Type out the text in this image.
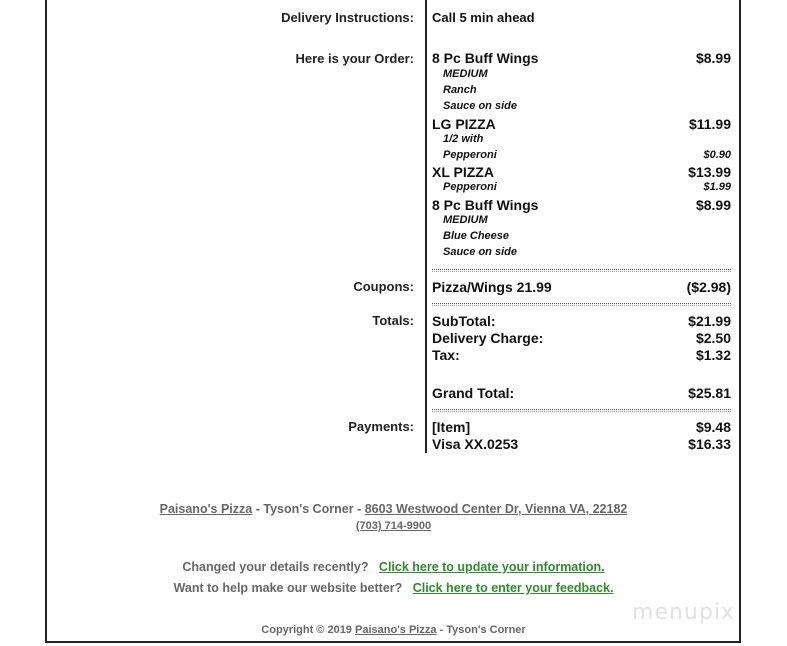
Delivery Instructions: Call 5 min ahead
Here is your Order: 8 Pc Buff Wings	$8.99
MEDIUM
Ranch
Sauce on side
LG PIZZA	$11.99
1/2 with
Pepperoni	$0.90
XL PIZZA	$13.99
Pepperoni	$1.99
8 Pc Buff Wings	$8.99
MEDIUM
Blue Cheese
Sauce on side
Coupons: Pizza/Wings 21.99	($2.98)
Totals: SubTotal:	$21.99
Delivery Charge:	$2.50
Tax:	$1.32
Grand Total:	$25.81
Payments: [Item]	$9.48
Visa XX.0253	$16.33
Paisano's Pizza - Tyson's Corner - 8603 Westwood Center Dr, Vienna VA, 22182
(703) 714-9900
Changed your details recently? Click here to update your information.
Want to help make our website better? Click here to enter your feedback.
Copyright © 2019 Paisano's Pizza - Tyson's Corner
menupix
